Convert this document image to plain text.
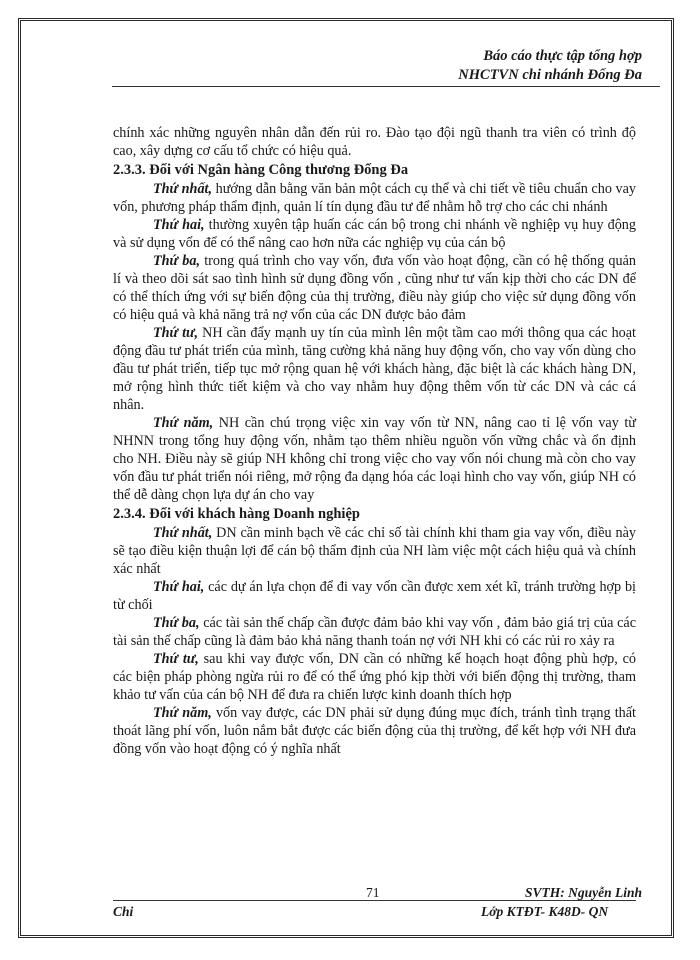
Báo cáo thực tập tổng hợp
NHCTVN chi nhánh Đống Đa

chính xác những nguyên nhân dẫn đến rủi ro. Đào tạo đội ngũ thanh tra viên có trình độ cao, xây dựng cơ cấu tổ chức có hiệu quả.

2.3.3. Đối với Ngân hàng Công thương Đống Đa

Thứ nhất, hướng dẫn bằng văn bản một cách cụ thể và chi tiết về tiêu chuẩn cho vay vốn, phương pháp thẩm định, quản lí tín dụng đầu tư để nhằm hỗ trợ cho các chi nhánh

Thứ hai, thường xuyên tập huấn các cán bộ trong chi nhánh về nghiệp vụ huy động và sử dụng vốn để có thể nâng cao hơn nữa các nghiệp vụ của cán bộ

Thứ ba, trong quá trình cho vay vốn, đưa vốn vào hoạt động, cần có hệ thống quản lí và theo dõi sát sao tình hình sử dụng đồng vốn , cũng như tư vấn kịp thời cho các DN để có thể thích ứng với sự biến động của thị trường, điều này giúp cho việc sử dụng đồng vốn có hiệu quả và khả năng trả nợ vốn của các DN được bảo đảm

Thứ tư, NH cần đẩy mạnh uy tín của mình lên một tầm cao mới thông qua các hoạt động đầu tư phát triển của mình, tăng cường khả năng huy động vốn, cho vay vốn dùng cho đầu tư phát triển, tiếp tục mở rộng quan hệ với khách hàng, đặc biệt là các khách hàng DN, mở rộng hình thức tiết kiệm và cho vay nhằm huy động thêm vốn từ các DN và các cá nhân.

Thứ năm, NH cần chú trọng việc xin vay vốn từ NN, nâng cao tỉ lệ vốn vay từ NHNN trong tổng huy động vốn, nhằm tạo thêm nhiều nguồn vốn vững chắc và ổn định cho NH. Điều này sẽ giúp NH không chỉ trong việc cho vay vốn nói chung mà còn cho vay vốn đầu tư phát triển nói riêng, mở rộng đa dạng hóa các loại hình cho vay vốn, giúp NH có thể dễ dàng chọn lựa dự án cho vay

2.3.4. Đối với khách hàng Doanh nghiệp

Thứ nhất, DN cần minh bạch về các chỉ số tài chính khi tham gia vay vốn, điều này sẽ tạo điều kiện thuận lợi để cán bộ thẩm định của NH làm việc một cách hiệu quả và chính xác nhất

Thứ hai, các dự án lựa chọn để đi vay vốn cần được xem xét kĩ, tránh trường hợp bị từ chối

Thứ ba, các tài sản thế chấp cần được đảm bảo khi vay vốn , đảm bảo giá trị của các tài sản thế chấp cũng là đảm bảo khả năng thanh toán nợ với NH khi có các rủi ro xảy ra

Thứ tư, sau khi vay được vốn, DN cần có những kế hoạch hoạt động phù hợp, có các biện pháp phòng ngừa rủi ro để có thể ứng phó kịp thời với biến động thị trường, tham khảo tư vấn của cán bộ NH để đưa ra chiến lược kinh doanh thích hợp

Thứ năm, vốn vay được, các DN phải sử dụng đúng mục đích, tránh tình trạng thất thoát lãng phí vốn, luôn nắm bắt được các biến động của thị trường, để kết hợp với NH đưa đồng vốn vào hoạt động có ý nghĩa nhất

71	SVTH: Nguyễn Linh
Chi	Lớp KTĐT- K48D- QN
